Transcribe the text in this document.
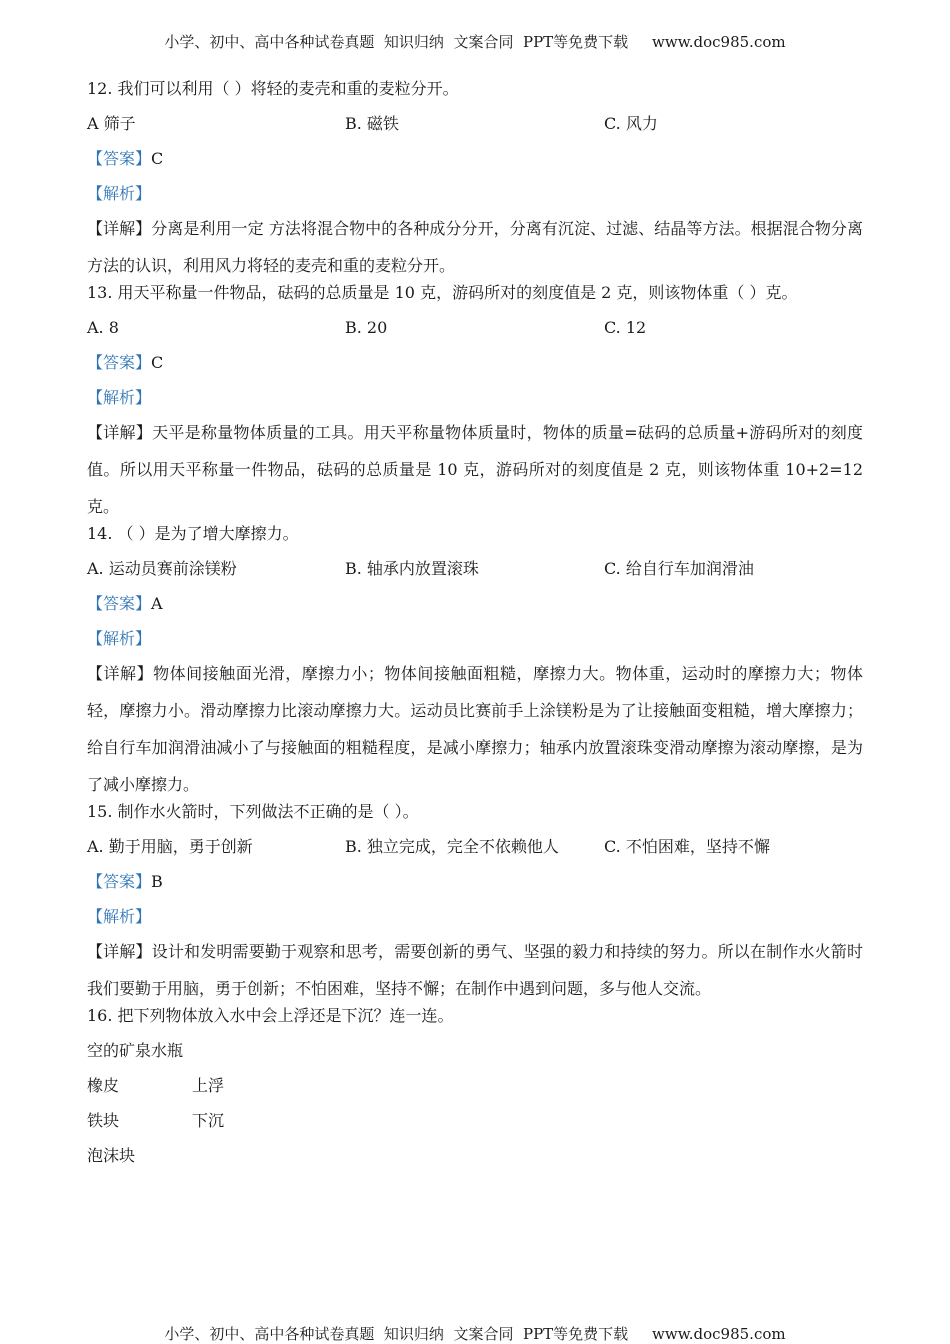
小学、初中、高中各种试卷真题  知识归纳  文案合同  PPT等免费下载     www.doc985.com
12. 我们可以利用（ ）将轻的麦壳和重的麦粒分开。
A 筛子	B. 磁铁	C. 风力
【答案】C
【解析】
【详解】分离是利用一定 方法将混合物中的各种成分分开，分离有沉淀、过滤、结晶等方法。根据混合物分离方法的认识，利用风力将轻的麦壳和重的麦粒分开。
13. 用天平称量一件物品，砝码的总质量是 10 克，游码所对的刻度值是 2 克，则该物体重（ ）克。
A. 8	B. 20	C. 12
【答案】C
【解析】
【详解】天平是称量物体质量的工具。用天平称量物体质量时，物体的质量=砝码的总质量+游码所对的刻度值。所以用天平称量一件物品，砝码的总质量是 10 克，游码所对的刻度值是 2 克，则该物体重 10+2=12 克。
14. （ ）是为了增大摩擦力。
A. 运动员赛前涂镁粉	B. 轴承内放置滚珠	C. 给自行车加润滑油
【答案】A
【解析】
【详解】物体间接触面光滑，摩擦力小；物体间接触面粗糙，摩擦力大。物体重，运动时的摩擦力大；物体轻，摩擦力小。滑动摩擦力比滚动摩擦力大。运动员比赛前手上涂镁粉是为了让接触面变粗糙，增大摩擦力；给自行车加润滑油减小了与接触面的粗糙程度，是减小摩擦力；轴承内放置滚珠变滑动摩擦为滚动摩擦，是为了减小摩擦力。
15. 制作水火箭时，下列做法不正确的是（ ）。
A. 勤于用脑，勇于创新	B. 独立完成，完全不依赖他人	C. 不怕困难，坚持不懈
【答案】B
【解析】
【详解】设计和发明需要勤于观察和思考，需要创新的勇气、坚强的毅力和持续的努力。所以在制作水火箭时我们要勤于用脑，勇于创新；不怕困难，坚持不懈；在制作中遇到问题，多与他人交流。
16. 把下列物体放入水中会上浮还是下沉？连一连。
空的矿泉水瓶
橡皮	上浮
铁块	下沉
泡沫块
小学、初中、高中各种试卷真题  知识归纳  文案合同  PPT等免费下载     www.doc985.com
